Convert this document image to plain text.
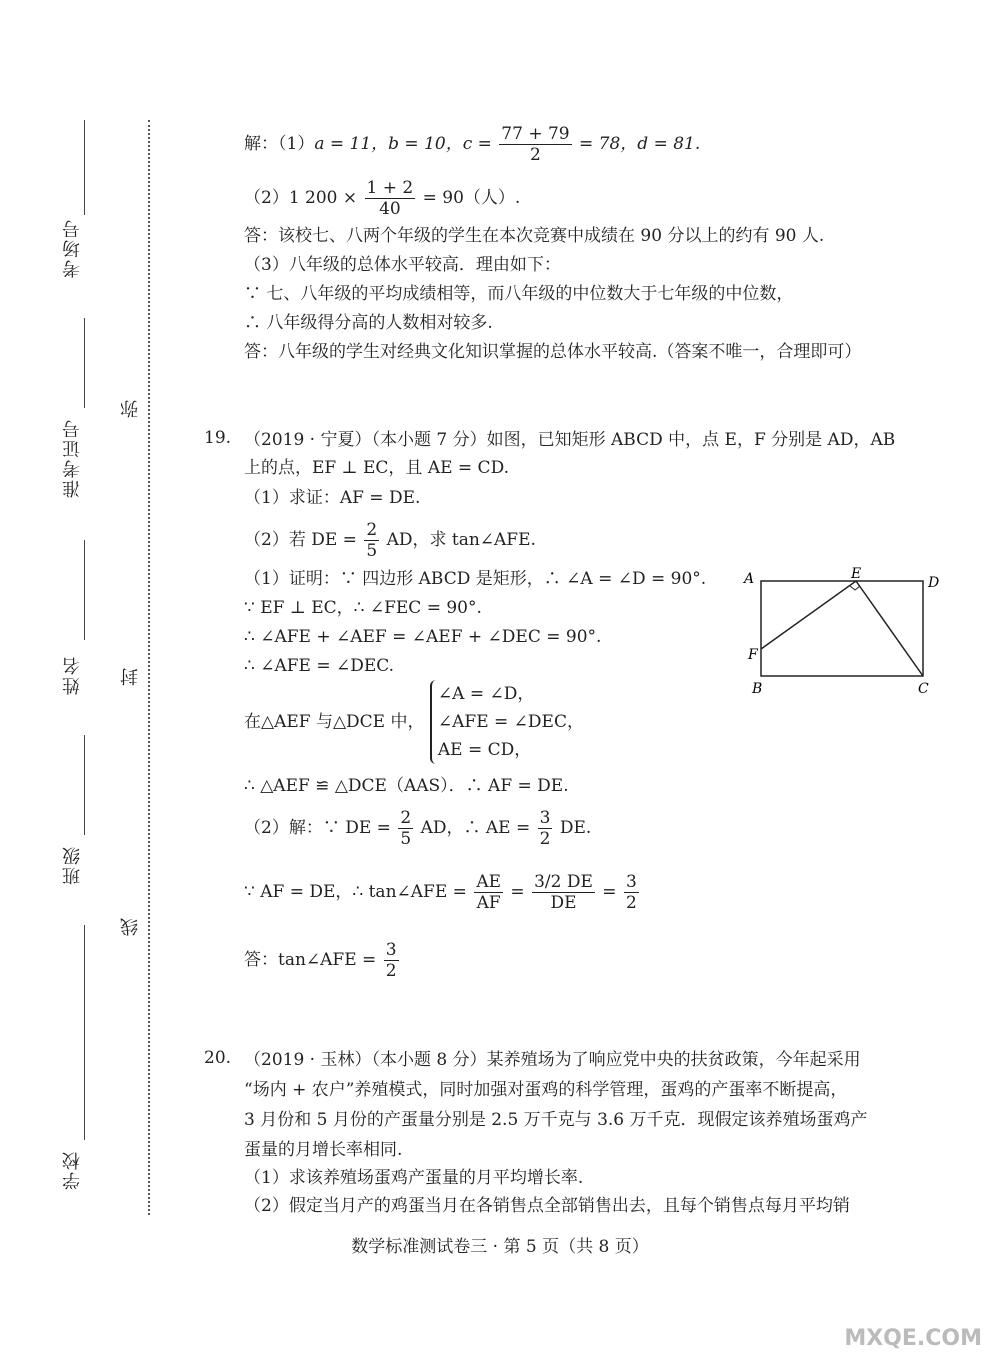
考场号
准考证号
姓名
班级
学校
弥
封
线
解：（1）a = 11，b = 10，$c = \frac{77 + 79}{2} = 78$，d = 81.
（2）1 $200 \times \frac{1 + 2}{40} = 90$（人）.
答：该校七、八两个年级的学生在本次竞赛中成绩在 90 分以上的约有 90 人.
（3）八年级的总体水平较高．理由如下：
∵ 七、八年级的平均成绩相等，而八年级的中位数大于七年级的中位数，
∴ 八年级得分高的人数相对较多.
答：八年级的学生对经典文化知识掌握的总体水平较高.（答案不唯一，合理即可）
19. （2019 · 宁夏）（本小题 7 分）如图，已知矩形 ABCD 中，点 E，F 分别是 AD，AB
上的点，EF ⊥ EC，且 AE = CD.
（1）求证：AF = DE.
（2）若 DE = $\frac{2}{5}$ AD，求 tan∠AFE.
（1）证明：∵ 四边形 ABCD 是矩形，∴ ∠A = ∠D = 90°.
∵ EF ⊥ EC，∴ ∠FEC = 90°.
∴ ∠AFE + ∠AEF = ∠AEF + ∠DEC = 90°.
∴ ∠AFE = ∠DEC.
在△AEF 与△DCE 中，
∠A = ∠D，
∠AFE = ∠DEC，
AE = CD，
∴ △AEF ≌ △DCE（AAS）．∴ AF = DE.
（2）解：∵ DE = $\frac{2}{5}$ AD，∴ AE = $\frac{3}{2}$ DE.
∵ AF = DE，∴ tan∠AFE = $\frac{AE}{AF} = \frac{3/2 DE}{DE} = \frac{3}{2}$
答：tan∠AFE = $\frac{3}{2}$
A	D
E
F
B	C
20. （2019 · 玉林）（本小题 8 分）某养殖场为了响应党中央的扶贫政策，今年起采用
“场内 + 农户”养殖模式，同时加强对蛋鸡的科学管理，蛋鸡的产蛋率不断提高，
3 月份和 5 月份的产蛋量分别是 2.5 万千克与 3.6 万千克．现假定该养殖场蛋鸡产
蛋量的月增长率相同.
（1）求该养殖场蛋鸡产蛋量的月平均增长率.
（2）假定当月产的鸡蛋当月在各销售点全部销售出去，且每个销售点每月平均销
数学标准测试卷三 · 第 5 页（共 8 页）
MXQE.COM
